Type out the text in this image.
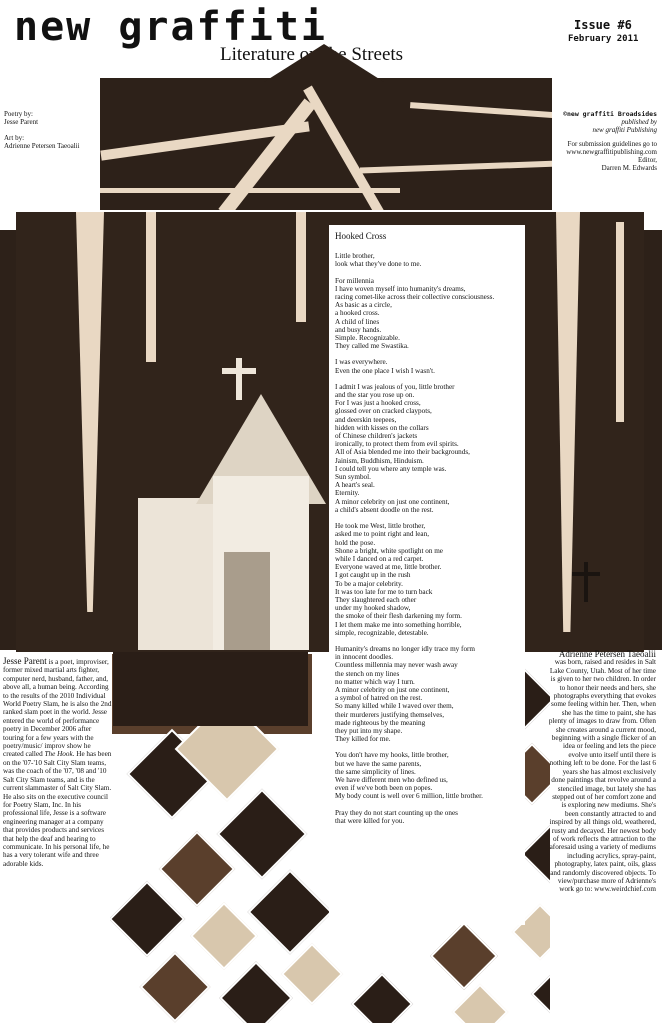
new graffiti
Literature on the Streets
Issue #6
February 2011
Poetry by:
Jesse Parent
Art by:
Adrienne Petersen Taeoalii
©new graffiti Broadsides
published by
new graffiti Publishing
For submission guidelines go to
www.newgraffitipublishing.com
Editor,
Darren M. Edwards
Hooked Cross
Little brother,
look what they've done to me.
For millennia
I have woven myself into humanity's dreams,
racing comet-like across their collective consciousness.
As basic as a circle,
a hooked cross.
A child of lines
and busy hands.
Simple. Recognizable.
They called me Swastika.
I was everywhere.
Even the one place I wish I wasn't.
I admit I was jealous of you, little brother
and the star you rose up on.
For I was just a hooked cross,
glossed over on cracked claypots,
and deerskin teepees,
hidden with kisses on the collars
of Chinese children's jackets
ironically, to protect them from evil spirits.
All of Asia blended me into their backgrounds,
Jainism, Buddhism, Hinduism.
I could tell you where any temple was.
Sun symbol.
A heart's seal.
Eternity.
A minor celebrity on just one continent,
a child's absent doodle on the rest.
He took me West, little brother,
asked me to point right and lean,
hold the pose.
Shone a bright, white spotlight on me
while I danced on a red carpet.
Everyone waved at me, little brother.
I got caught up in the rush
To be a major celebrity.
It was too late for me to turn back
They slaughtered each other
under my hooked shadow,
the smoke of their flesh darkening my form.
I let them make me into something horrible,
simple, recognizable, detestable.
Humanity's dreams no longer idly trace my form
in innocent doodles.
Countless millennia may never wash away
the stench on my lines
no matter which way I turn.
A minor celebrity on just one continent,
a symbol of hatred on the rest.
So many killed while I waved over them,
their murderers justifying themselves,
made righteous by the meaning
they put into my shape.
They killed for me.
You don't have my hooks, little brother,
but we have the same parents,
the same simplicity of lines.
We have different men who defined us,
even if we've both been on popes.
My body count is well over 6 million, little brother.
Pray they do not start counting up the ones
that were killed for you.
Jesse Parent is a poet, improviser, former mixed martial arts fighter, computer nerd, husband, father, and, above all, a human being. According to the results of the 2010 Individual World Poetry Slam, he is also the 2nd ranked slam poet in the world. Jesse entered the world of performance poetry in December 2006 after touring for a few years with the poetry/music/ improv show he created called The Hook. He has been on the '07-'10 Salt City Slam teams, was the coach of the '07, '08 and '10 Salt City Slam teams, and is the current slammaster of Salt City Slam. He also sits on the executive council for Poetry Slam, Inc. In his professional life, Jesse is a software engineering manager at a company that provides products and services that help the deaf and hearing to communicate. In his personal life, he has a very tolerant wife and three adorable kids.
Adrienne Petersen Taeoalii
was born, raised and resides in Salt Lake County, Utah. Most of her time is given to her two children. In order to honor their needs and hers, she photographs everything that evokes some feeling within her. Then, when she has the time to paint, she has plenty of images to draw from. Often she creates around a current mood, beginning with a single flicker of an idea or feeling and lets the piece evolve unto itself until there is nothing left to be done. For the last 6 years she has almost exclusively done paintings that revolve around a stenciled image, but lately she has stepped out of her comfort zone and is exploring new mediums. She's been constantly attracted to and inspired by all things old, weathered, rusty and decayed. Her newest body of work reflects the attraction to the aforesaid using a variety of mediums including acrylics, spray-paint, photography, latex paint, oils, glass and randomly discovered objects. To view/purchase more of Adrienne's work go to: www.weirdchief.com
